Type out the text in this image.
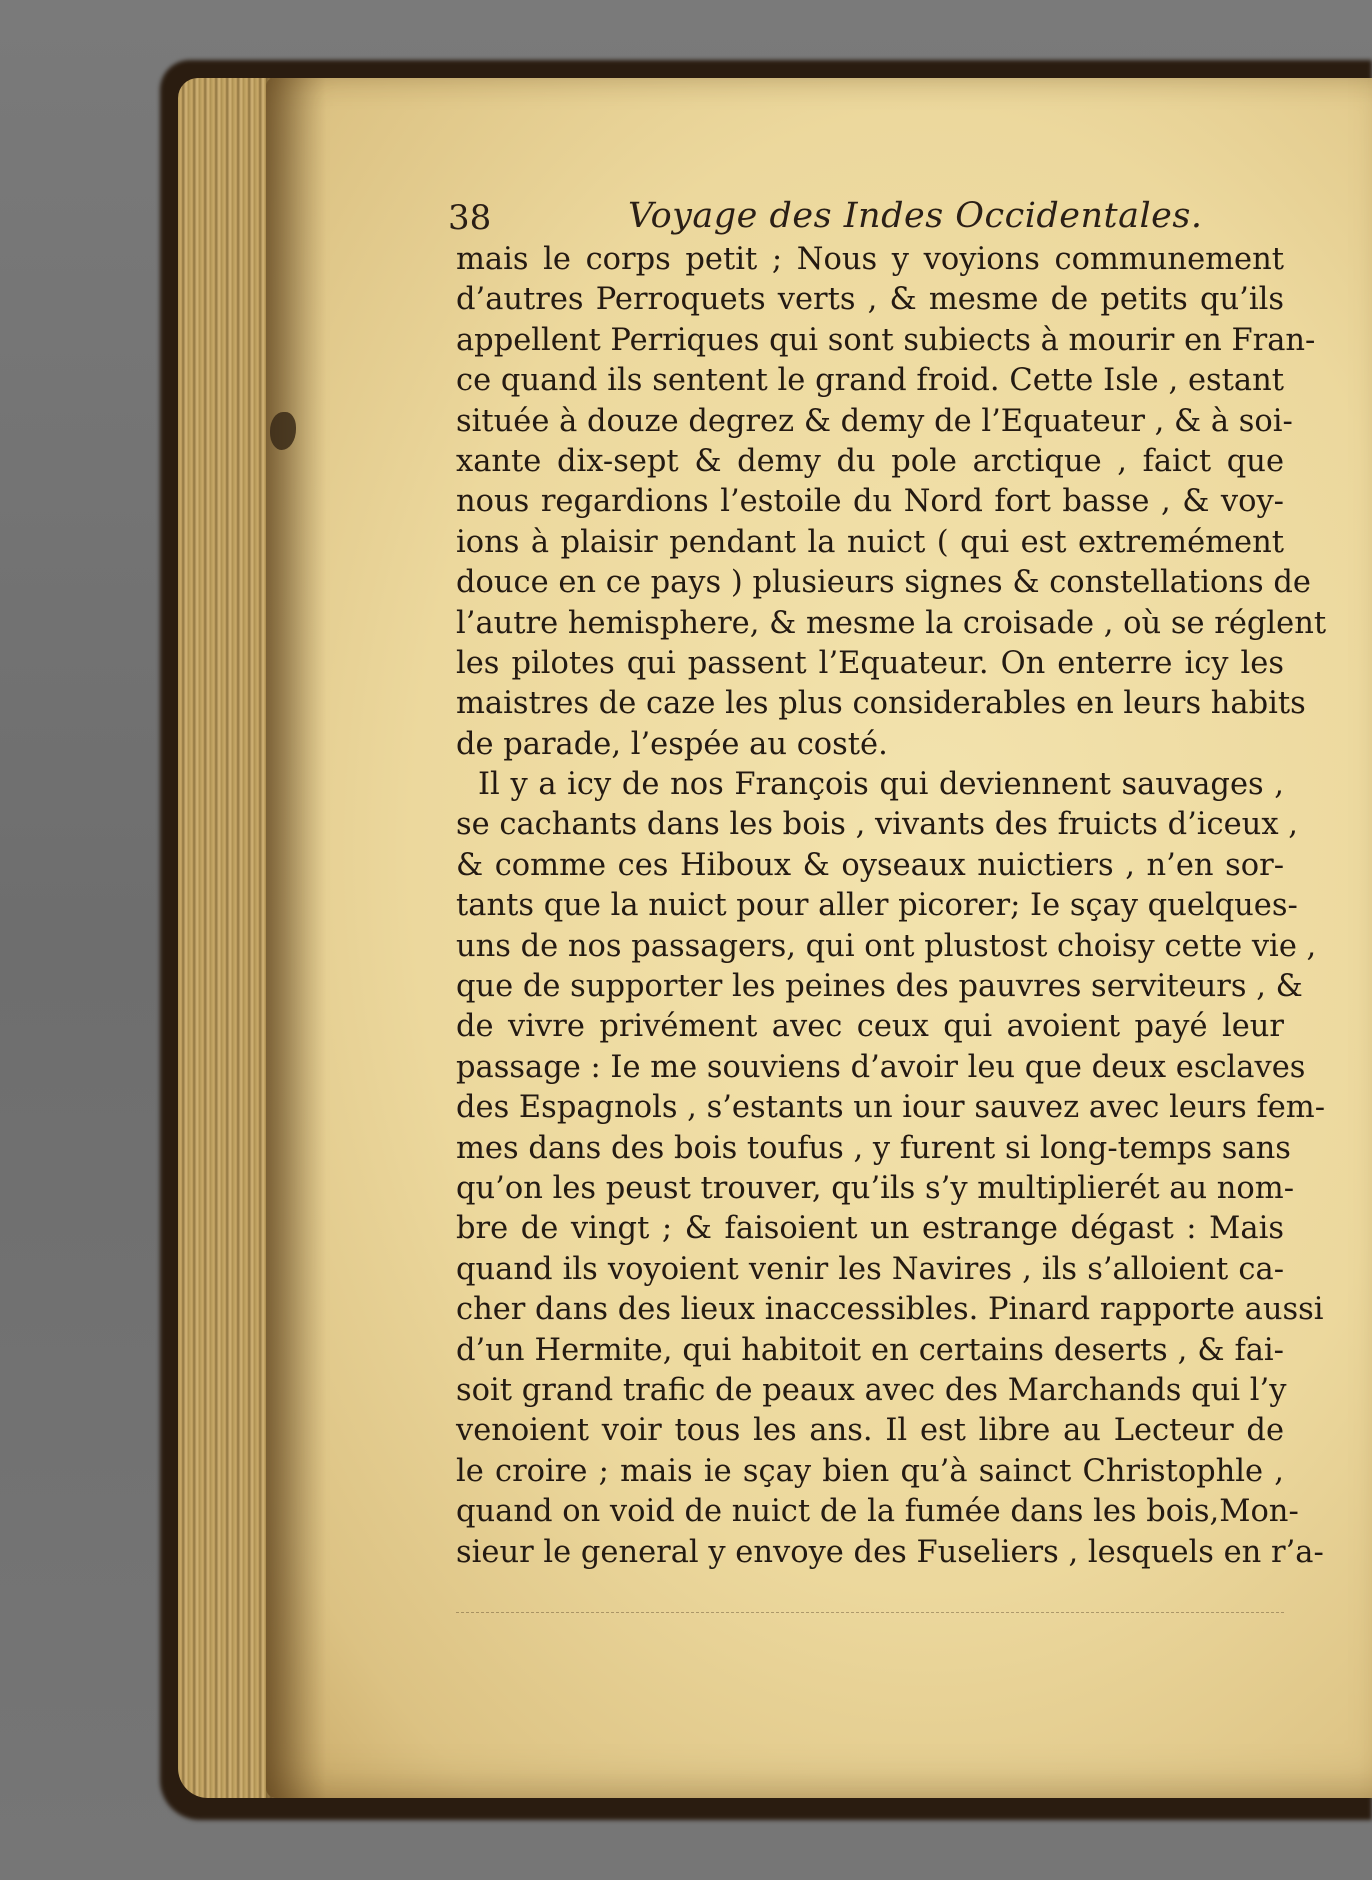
38	Voyage des Indes Occidentales.
mais le corps petit ; Nous y voyions communement
d’autres Perroquets verts , & mesme de petits qu’ils
appellent Perriques qui sont subiects à mourir en Fran-
ce quand ils sentent le grand froid. Cette Isle , estant
située à douze degrez & demy de l’Equateur , & à soi-
xante dix-sept & demy du pole arctique , faict que
nous regardions l’estoile du Nord fort basse , & voy-
ions à plaisir pendant la nuict ( qui est extremément
douce en ce pays ) plusieurs signes & constellations de
l’autre hemisphere, & mesme la croisade , où se réglent
les pilotes qui passent l’Equateur. On enterre icy les
maistres de caze les plus considerables en leurs habits
de parade, l’espée au costé.
Il y a icy de nos François qui deviennent sauvages ,
se cachants dans les bois , vivants des fruicts d’iceux ,
& comme ces Hiboux & oyseaux nuictiers , n’en sor-
tants que la nuict pour aller picorer; Ie sçay quelques-
uns de nos passagers, qui ont plustost choisy cette vie ,
que de supporter les peines des pauvres serviteurs , &
de vivre privément avec ceux qui avoient payé leur
passage : Ie me souviens d’avoir leu que deux esclaves
des Espagnols , s’estants un iour sauvez avec leurs fem-
mes dans des bois toufus , y furent si long-temps sans
qu’on les peust trouver, qu’ils s’y multiplierét au nom-
bre de vingt ; & faisoient un estrange dégast : Mais
quand ils voyoient venir les Navires , ils s’alloient ca-
cher dans des lieux inaccessibles. Pinard rapporte aussi
d’un Hermite, qui habitoit en certains deserts , & fai-
soit grand trafic de peaux avec des Marchands qui l’y
venoient voir tous les ans. Il est libre au Lecteur de
le croire ; mais ie sçay bien qu’à sainct Christophle ,
quand on void de nuict de la fumée dans les bois,Mon-
sieur le general y envoye des Fuseliers , lesquels en r’a-
